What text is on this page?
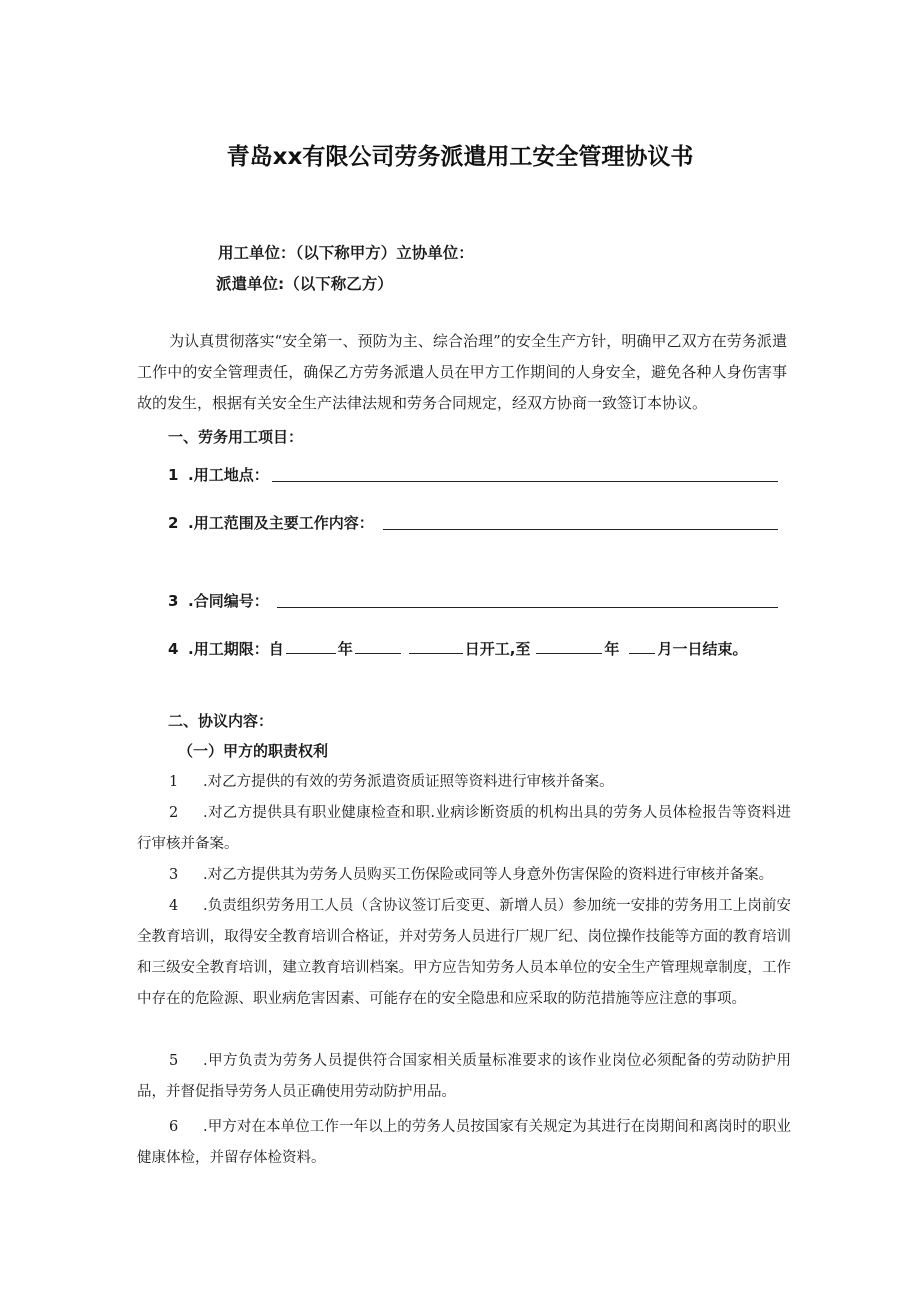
青岛xx有限公司劳务派遣用工安全管理协议书
用工单位：（以下称甲方）立协单位：
派遣单位:（以下称乙方）
为认真贯彻落实“安全第一、预防为主、综合治理”的安全生产方针，明确甲乙双方在劳务派遣工作中的安全管理责任，确保乙方劳务派遣人员在甲方工作期间的人身安全，避免各种人身伤害事故的发生，根据有关安全生产法律法规和劳务合同规定，经双方协商一致签订本协议。
一、劳务用工项目：
1 .用工地点：
2 .用工范围及主要工作内容：
3 .合同编号：
4 .用工期限：自	年	日开工,至	年	月一日结束。
二、协议内容：
（一）甲方的职责权利
1 .对乙方提供的有效的劳务派遣资质证照等资料进行审核并备案。
2 .对乙方提供具有职业健康检查和职.业病诊断资质的机构出具的劳务人员体检报告等资料进行审核并备案。
3 .对乙方提供其为劳务人员购买工伤保险或同等人身意外伤害保险的资料进行审核并备案。
4 .负责组织劳务用工人员（含协议签订后变更、新增人员）参加统一安排的劳务用工上岗前安全教育培训，取得安全教育培训合格证，并对劳务人员进行厂规厂纪、岗位操作技能等方面的教育培训和三级安全教育培训，建立教育培训档案。甲方应告知劳务人员本单位的安全生产管理规章制度，工作中存在的危险源、职业病危害因素、可能存在的安全隐患和应采取的防范措施等应注意的事项。
5 .甲方负责为劳务人员提供符合国家相关质量标准要求的该作业岗位必须配备的劳动防护用品，并督促指导劳务人员正确使用劳动防护用品。
6 .甲方对在本单位工作一年以上的劳务人员按国家有关规定为其进行在岗期间和离岗时的职业健康体检，并留存体检资料。
